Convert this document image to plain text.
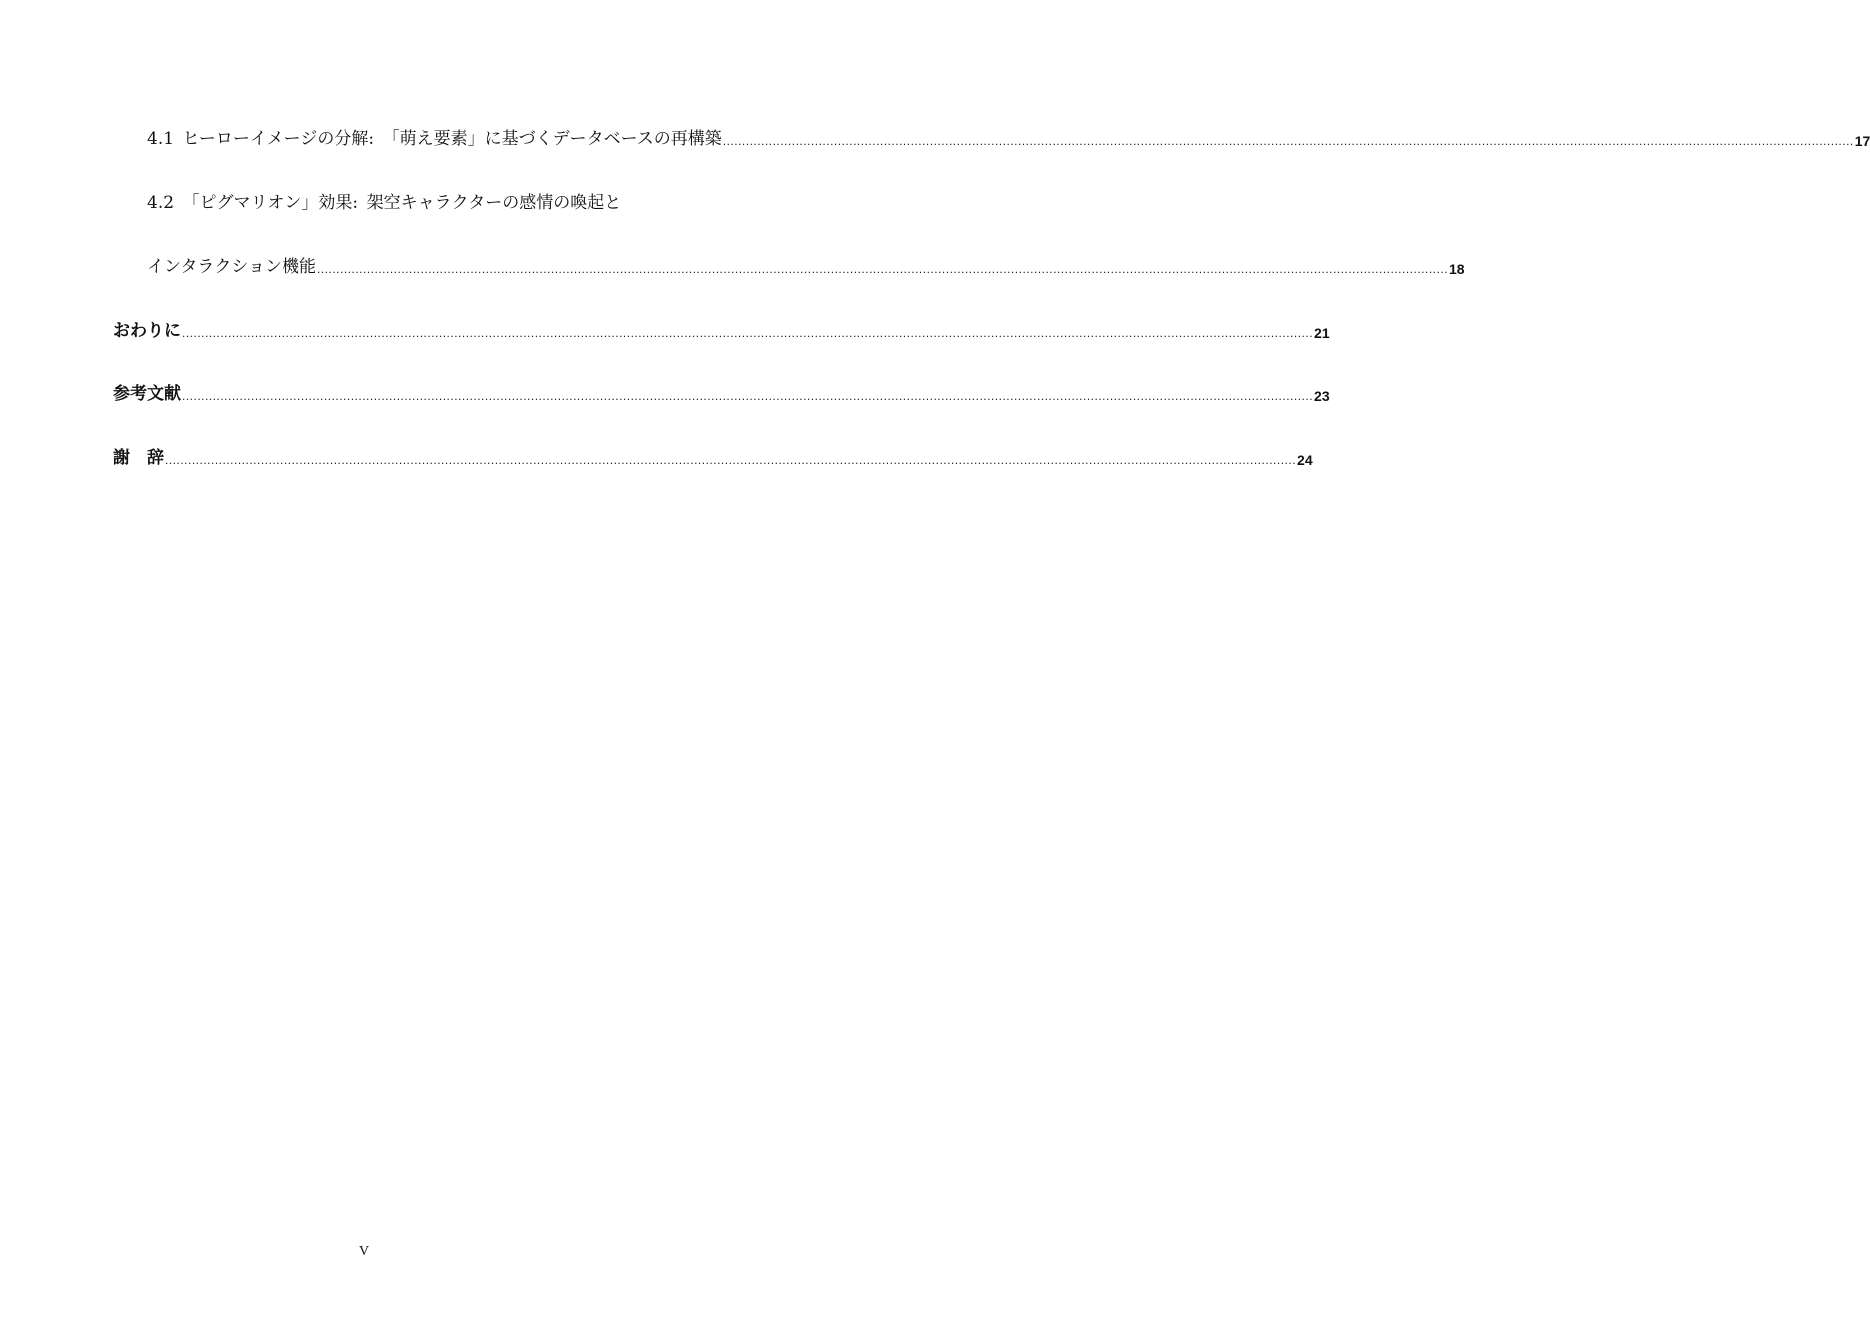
4.1 ヒーローイメージの分解: 「萌え要素」に基づくデータベースの再構築 ....................................................................................................................................................................................................................................................................................................... 17
4.2 「ピグマリオン」効果: 架空キャラクターの感情の喚起と
インタラクション機能 ....................................................................................................................................................................................................................................................................................................... 18
おわりに ....................................................................................................................................................................................................................................................................................................... 21
参考文献 ....................................................................................................................................................................................................................................................................................................... 23
謝　辞 ....................................................................................................................................................................................................................................................................................................... 24
V
